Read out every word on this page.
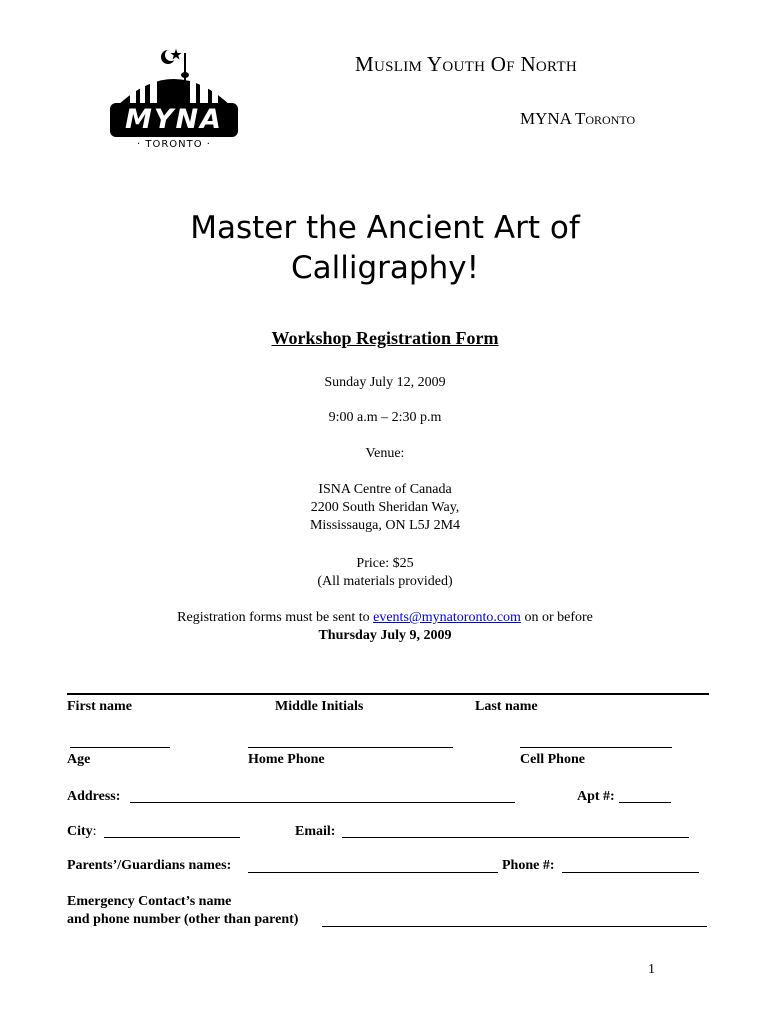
MYNA
· TORONTO ·
Muslim Youth Of North
MYNA Toronto
Master the Ancient Art of
Calligraphy!
Workshop Registration Form
Sunday July 12, 2009
9:00 a.m – 2:30 p.m
Venue:
ISNA Centre of Canada
2200 South Sheridan Way,
Mississauga, ON L5J 2M4
Price: $25
(All materials provided)
Registration forms must be sent to events@mynatoronto.com on or before
Thursday July 9, 2009
First name	Middle Initials	Last name
Age	Home Phone	Cell Phone
Address:	Apt #:
City:	Email:
Parents’/Guardians names:	Phone #:
Emergency Contact’s name
and phone number (other than parent)
1
